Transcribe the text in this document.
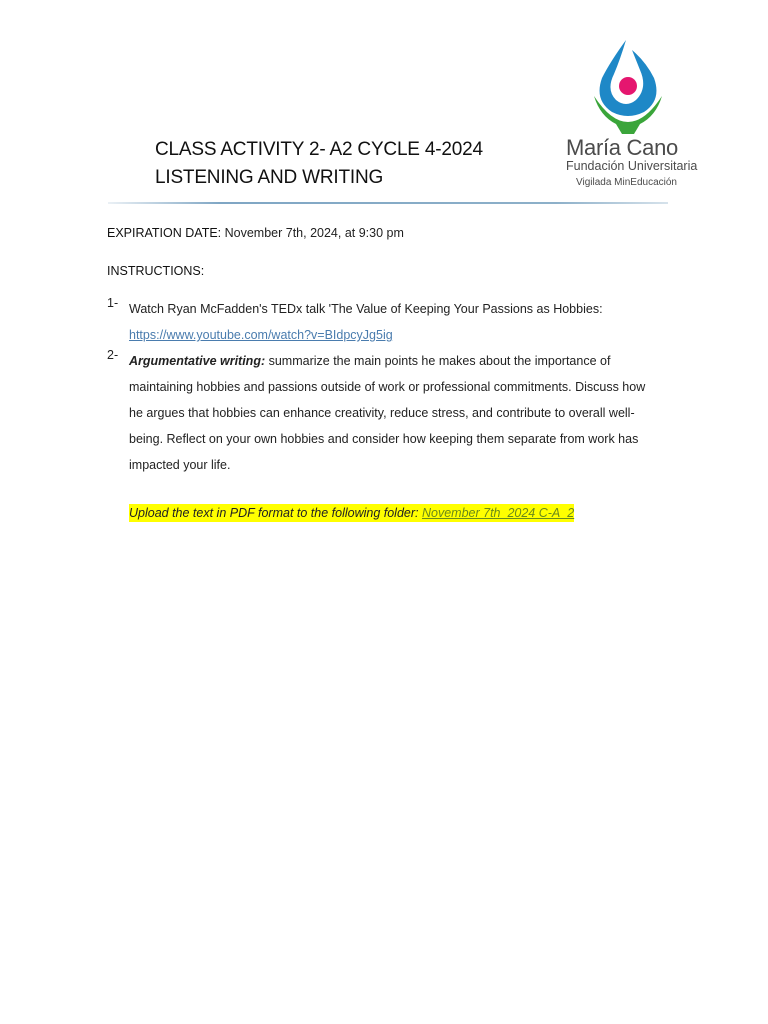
CLASS ACTIVITY 2- A2 CYCLE 4-2024
LISTENING AND WRITING
María Cano
Fundación Universitaria
Vigilada MinEducación
EXPIRATION DATE: November 7th, 2024, at 9:30 pm
INSTRUCTIONS:
1- Watch Ryan McFadden's TEDx talk 'The Value of Keeping Your Passions as Hobbies:
https://www.youtube.com/watch?v=BIdpcyJg5ig
2- Argumentative writing: summarize the main points he makes about the importance of
maintaining hobbies and passions outside of work or professional commitments. Discuss how
he argues that hobbies can enhance creativity, reduce stress, and contribute to overall well-
being. Reflect on your own hobbies and consider how keeping them separate from work has
impacted your life.
Upload the text in PDF format to the following folder: November 7th_2024 C-A_2
